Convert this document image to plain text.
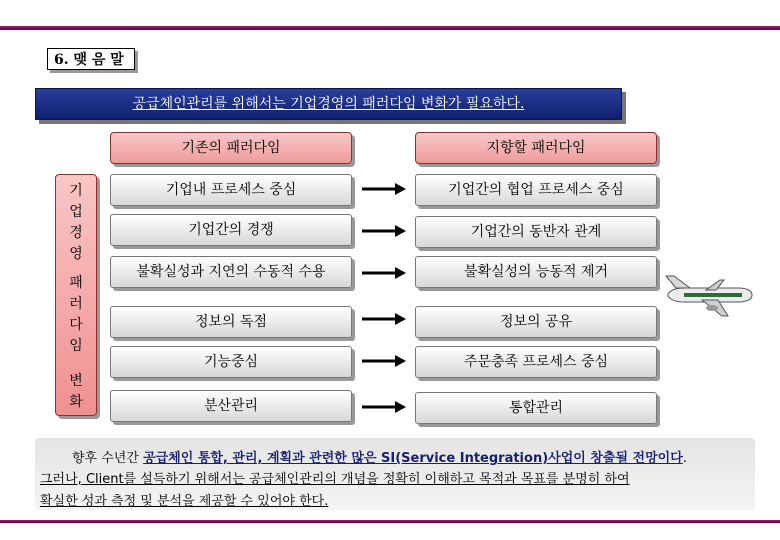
6. 맺 음 말
공급체인관리를 위해서는 기업경영의 패러다임 변화가 필요하다.
기존의 패러다임	지향할 패러다임
기
업
경
영
패
러
다
임
변
화
기업내 프로세스 중심	기업간의 협업 프로세스 중심
기업간의 경쟁	기업간의 동반자 관계
불확실성과 지연의 수동적 수용	불확실성의 능동적 제거
정보의 독점	정보의 공유
기능중심	주문충족 프로세스 중심
분산관리	통합관리
향후 수년간 공급체인 통합, 관리, 계획과 관련한 많은 SI(Service Integration)사업이 창출될 전망이다.
그러나, Client를 설득하기 위해서는 공급체인관리의 개념을 정확히 이해하고 목적과 목표를 분명히 하여
확실한 성과 측정 및 분석을 제공할 수 있어야 한다.
